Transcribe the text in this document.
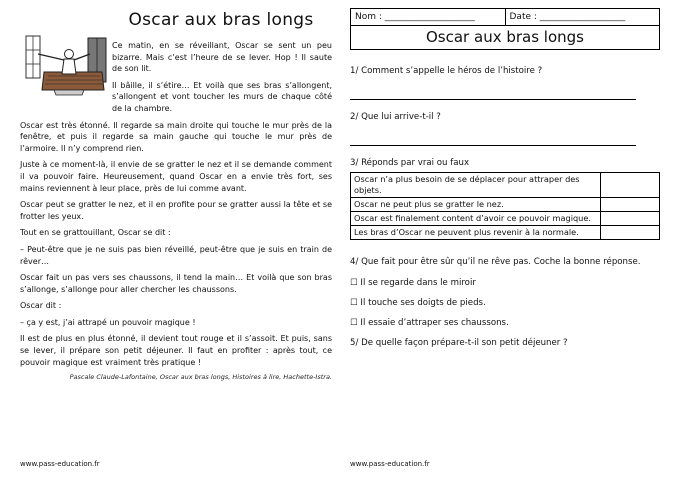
Oscar aux bras longs

Ce matin, en se réveillant, Oscar se sent un peu bizarre. Mais c’est l’heure de se lever. Hop ! Il saute de son lit.

Il bâille, il s’étire… Et voilà que ses bras s’allongent, s’allongent et vont toucher les murs de chaque côté de la chambre.

Oscar est très étonné. Il regarde sa main droite qui touche le mur près de la fenêtre, et puis il regarde sa main gauche qui touche le mur près de l’armoire. Il n’y comprend rien.

Juste à ce moment-là, il envie de se gratter le nez et il se demande comment il va pouvoir faire. Heureusement, quand Oscar en a envie très fort, ses mains reviennent à leur place, près de lui comme avant.

Oscar peut se gratter le nez, et il en profite pour se gratter aussi la tête et se frotter les yeux.

Tout en se grattouillant, Oscar se dit :

– Peut-être que je ne suis pas bien réveillé, peut-être que je suis en train de rêver…

Oscar fait un pas vers ses chaussons, il tend la main… Et voilà que son bras s’allonge, s’allonge pour aller chercher les chaussons.

Oscar dit :

– ça y est, j’ai attrapé un pouvoir magique !

Il est de plus en plus étonné, il devient tout rouge et il s’assoit. Et puis, sans se lever, il prépare son petit déjeuner. Il faut en profiter : après tout, ce pouvoir magique est vraiment très pratique !

Pascale Claude-Lafontaine, Oscar aux bras longs, Histoires à lire, Hachette-Istra.
www.pass-education.fr
Nom : ____________________	Date : ___________________
Oscar aux bras longs

1/ Comment s’appelle le héros de l’histoire ?

2/ Que lui arrive-t-il ?

3/ Réponds par vrai ou faux

Oscar n’a plus besoin de se déplacer pour attraper des objets.	
Oscar ne peut plus se gratter le nez.	
Oscar est finalement content d’avoir ce pouvoir magique.	
Les bras d’Oscar ne peuvent plus revenir à la normale.	

4/ Que fait pour être sûr qu’il ne rêve pas. Coche la bonne réponse.

☐ Il se regarde dans le miroir

☐ Il touche ses doigts de pieds.

☐ Il essaie d’attraper ses chaussons.

5/ De quelle façon prépare-t-il son petit déjeuner ?

www.pass-education.fr
